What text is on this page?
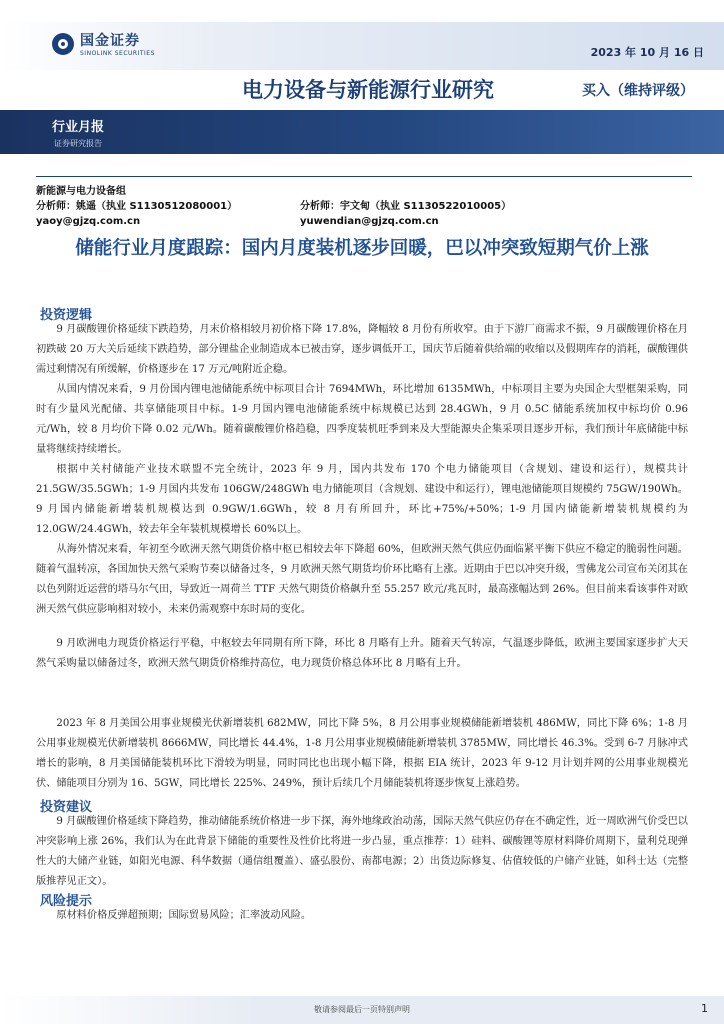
国金证券
SINOLINK SECURITIES	2023 年 10 月 16 日
电力设备与新能源行业研究	买入（维持评级）
行业月报
证券研究报告
新能源与电力设备组
分析师：姚遥（执业 S1130512080001）	分析师：宇文甸（执业 S1130522010005）
yaoy@gjzq.com.cn	yuwendian@gjzq.com.cn
储能行业月度跟踪：国内月度装机逐步回暖，巴以冲突致短期气价上涨
投资逻辑
9 月碳酸锂价格延续下跌趋势，月末价格相较月初价格下降 17.8%，降幅较 8 月份有所收窄。由于下游厂商需求不振，9 月碳酸锂价格在月初跌破 20 万大关后延续下跌趋势，部分锂盐企业制造成本已被击穿，逐步调低开工，国庆节后随着供给端的收缩以及假期库存的消耗，碳酸锂供需过剩情况有所缓解，价格逐步在 17 万元/吨附近企稳。
从国内情况来看，9 月份国内锂电池储能系统中标项目合计 7694MWh，环比增加 6135MWh，中标项目主要为央国企大型框架采购，同时有少量风光配储、共享储能项目中标。1-9 月国内锂电池储能系统中标规模已达到 28.4GWh，9 月 0.5C 储能系统加权中标均价 0.96 元/Wh，较 8 月均价下降 0.02 元/Wh。随着碳酸锂价格趋稳，四季度装机旺季到来及大型能源央企集采项目逐步开标，我们预计年底储能中标量将继续持续增长。
根据中关村储能产业技术联盟不完全统计，2023 年 9 月，国内共发布 170 个电力储能项目（含规划、建设和运行），规模共计 21.5GW/35.5GWh；1-9 月国内共发布 106GW/248GWh 电力储能项目（含规划、建设中和运行），锂电池储能项目规模约 75GW/190Wh。9 月国内储能新增装机规模达到 0.9GW/1.6GWh，较 8 月有所回升，环比+75%/+50%；1-9 月国内储能新增装机规模约为 12.0GW/24.4GWh，较去年全年装机规模增长 60%以上。
从海外情况来看，年初至今欧洲天然气期货价格中枢已相较去年下降超 60%，但欧洲天然气供应仍面临紧平衡下供应不稳定的脆弱性问题。随着气温转凉，各国加快天然气采购节奏以储备过冬，9 月欧洲天然气期货均价环比略有上涨。近期由于巴以冲突升级，雪佛龙公司宣布关闭其在以色列附近运营的塔马尔气田，导致近一周荷兰 TTF 天然气期货价格飙升至 55.257 欧元/兆瓦时，最高涨幅达到 26%。但目前来看该事件对欧洲天然气供应影响相对较小，未来仍需观察中东时局的变化。
9 月欧洲电力现货价格运行平稳，中枢较去年同期有所下降，环比 8 月略有上升。随着天气转凉，气温逐步降低，欧洲主要国家逐步扩大天然气采购量以储备过冬，欧洲天然气期货价格维持高位，电力现货价格总体环比 8 月略有上升。
2023 年 8 月美国公用事业规模光伏新增装机 682MW，同比下降 5%，8 月公用事业规模储能新增装机 486MW，同比下降 6%；1-8 月公用事业规模光伏新增装机 8666MW，同比增长 44.4%，1-8 月公用事业规模储能新增装机 3785MW，同比增长 46.3%。受到 6-7 月脉冲式增长的影响，8 月美国储能装机环比下滑较为明显，同时同比也出现小幅下降，根据 EIA 统计，2023 年 9-12 月计划并网的公用事业规模光伏、储能项目分别为 16、5GW，同比增长 225%、249%，预计后续几个月储能装机将逐步恢复上涨趋势。
投资建议
9 月碳酸锂价格延续下降趋势，推动储能系统价格进一步下探，海外地缘政治动荡，国际天然气供应仍存在不确定性，近一周欧洲气价受巴以冲突影响上涨 26%，我们认为在此背景下储能的重要性及性价比将进一步凸显，重点推荐：1）硅料、碳酸锂等原材料降价周期下，量利兑现弹性大的大储产业链，如阳光电源、科华数据（通信组覆盖）、盛弘股份、南都电源；2）出货边际修复、估值较低的户储产业链，如科士达（完整版推荐见正文）。
风险提示
原材料价格反弹超预期；国际贸易风险；汇率波动风险。
敬请参阅最后一页特别声明	1
